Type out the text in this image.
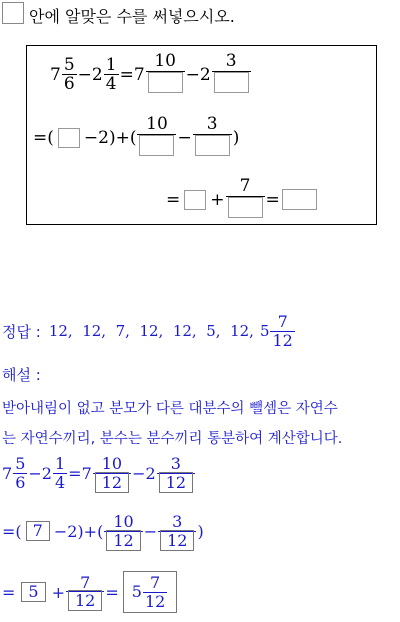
안에 알맞은 수를 써넣으시오.
$7 \frac{5}{6} - 2 \frac{1}{4} = 7$
10
− 2
3
= ( −2)+(
10
−
3
)
= +
7
=
정답 : 12,  12,  7,  12,  12,  5,  12, $5 \frac{7}{12}$
해설 :
받아내림이 없고 분모가 다른 대분수의 뺄셈은 자연수
는 자연수끼리, 분수는 분수끼리 통분하여 계산합니다.
$7 \frac{5}{6} - 2 \frac{1}{4} = 7 \frac{10}{12} - 2 \frac{3}{12}$
= ( $7 -2)+( \frac{10}{12} - \frac{3}{12}$ )
= $5 + \frac{7}{12} = 5 \frac{7}{12}$
